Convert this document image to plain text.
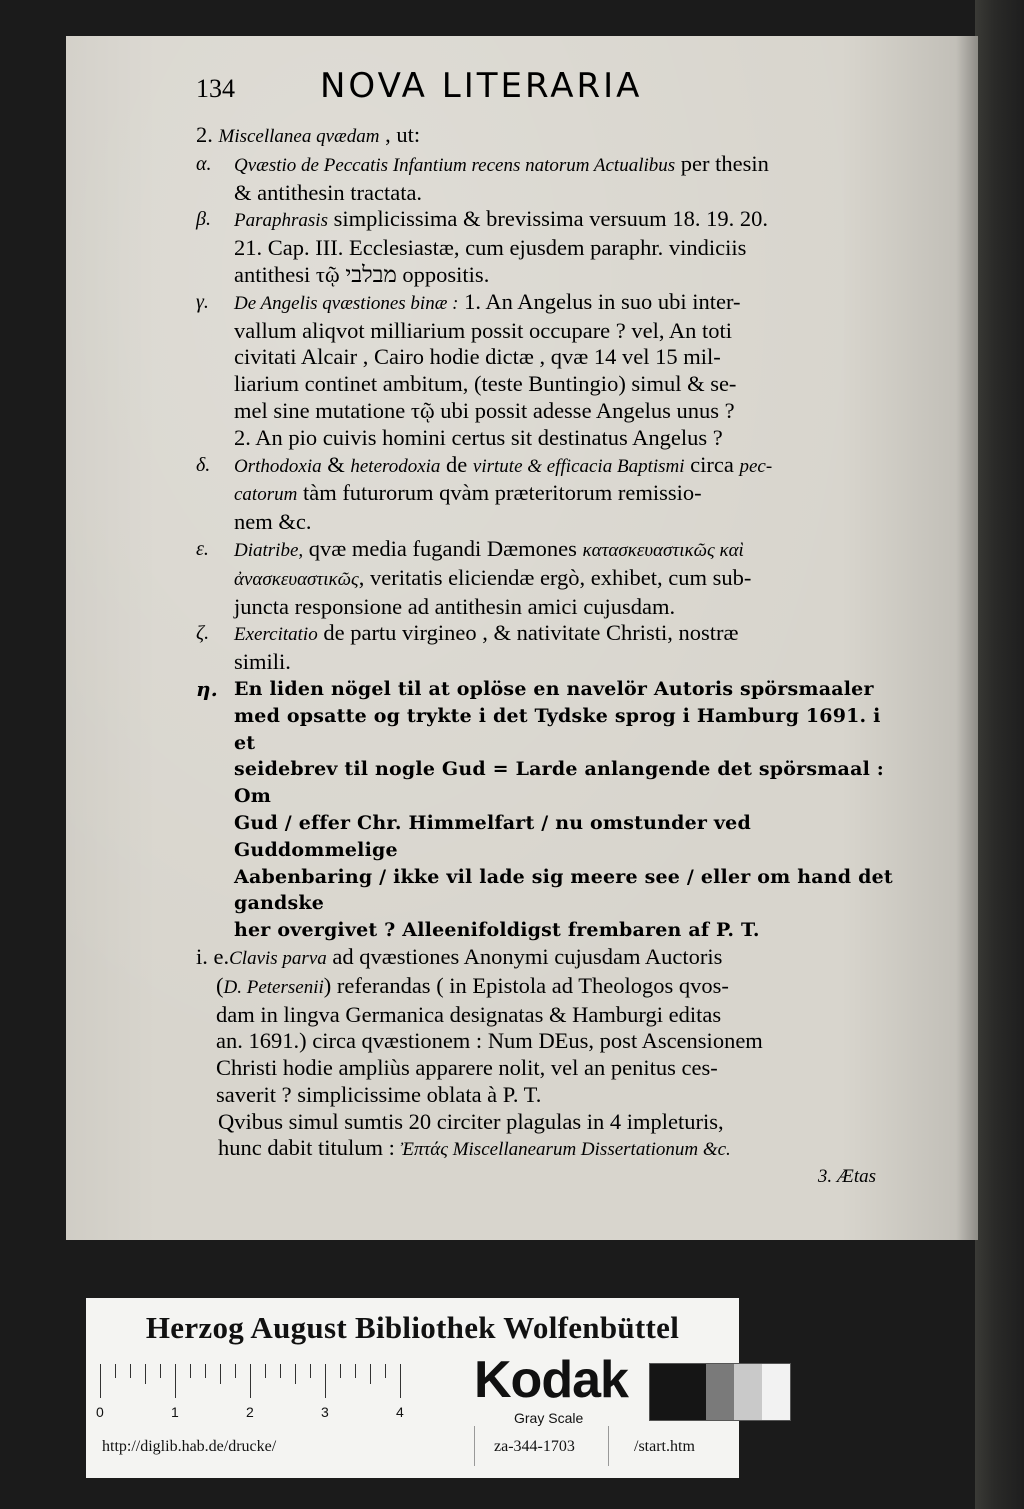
134	NOVA LITERARIA
2. Miscellanea qvædam , ut:
α. Qvæstio de Peccatis Infantium recens natorum Actualibus per thesin
& antithesin tractata.
β. Paraphrasis simplicissima & brevissima versuum 18. 19. 20.
21. Cap. III. Ecclesiastæ, cum ejusdem paraphr. vindiciis
antithesi τῷ מבלבי oppositis.
γ. De Angelis qvæstiones binæ : 1. An Angelus in suo ubi inter-
vallum aliqvot milliarium possit occupare ? vel, An toti
civitati Alcair , Cairo hodie dictæ , qvæ 14 vel 15 mil-
liarium continet ambitum, (teste Buntingio) simul & se-
mel sine mutatione τῷ ubi possit adesse Angelus unus ?
2. An pio cuivis homini certus sit destinatus Angelus ?
δ. Orthodoxia & heterodoxia de virtute & efficacia Baptismi circa pec-
catorum tàm futurorum qvàm præteritorum remissio-
nem &c.
ε. Diatribe, qvæ media fugandi Dæmones κατασκευαστικῶς καὶ
ἀνασκευαστικῶς, veritatis eliciendæ ergò, exhibet, cum sub-
juncta responsione ad antithesin amici cujusdam.
ζ. Exercitatio de partu virgineo , & nativitate Christi, nostræ
simili.
η. En liden nögel til at oplöse en navelör Autoris spörsmaaler
med opsatte og trykte i det Tydske sprog i Hamburg 1691. i et
seidebrev til nogle Gud = Larde anlangende det spörsmaal : Om
Gud / effer Chr. Himmelfart / nu omstunder ved Guddommelige
Aabenbaring / ikke vil lade sig meere see / eller om hand det gandske
her overgivet ? Alleenifoldigst frembaren af P. T.
i. e.Clavis parva ad qvæstiones Anonymi cujusdam Auctoris
(D. Petersenii) referandas ( in Epistola ad Theologos qvos-
dam in lingva Germanica designatas & Hamburgi editas
an. 1691.) circa qvæstionem : Num DEus, post Ascensionem
Christi hodie ampliùs apparere nolit, vel an penitus ces-
saverit ? simplicissime oblata à P. T.
Qvibus simul sumtis 20 circiter plagulas in 4 impleturis,
hunc dabit titulum : Ἐπτάς Miscellanearum Dissertationum &c.
3. Ætas
Herzog August Bibliothek Wolfenbüttel
0	1	2	3	4
Kodak
Gray Scale
http://diglib.hab.de/drucke/	za-344-1703	/start.htm
